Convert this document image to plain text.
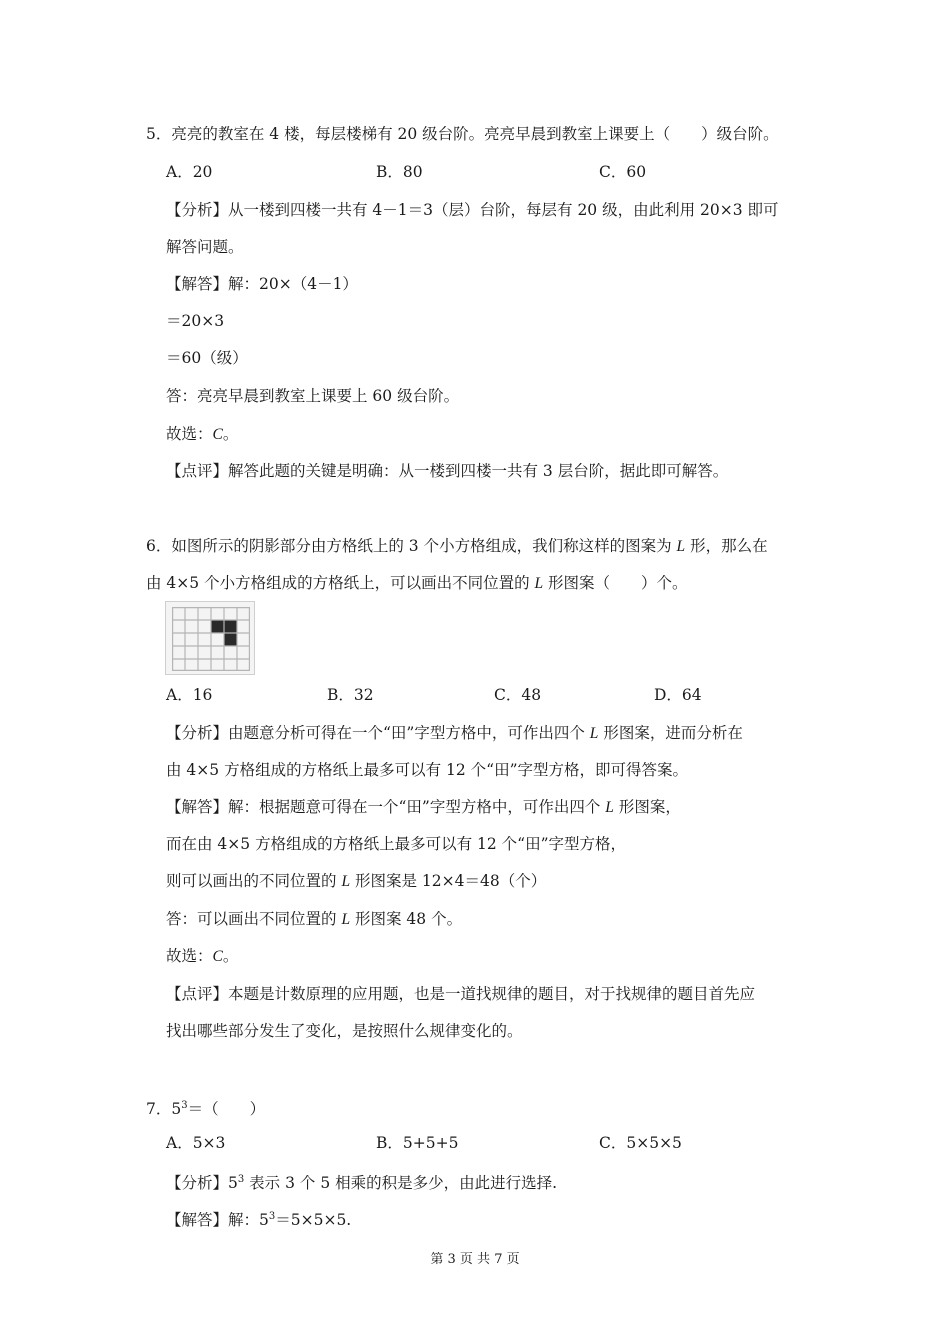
5．亮亮的教室在 4 楼，每层楼梯有 20 级台阶。亮亮早晨到教室上课要上（　　）级台阶。
A．20	B．80	C．60
【分析】从一楼到四楼一共有 4－1＝3（层）台阶，每层有 20 级，由此利用 20×3 即可
解答问题。
【解答】解：20×（4－1）
＝20×3
＝60（级）
答：亮亮早晨到教室上课要上 60 级台阶。
故选：C。
【点评】解答此题的关键是明确：从一楼到四楼一共有 3 层台阶，据此即可解答。
6．如图所示的阴影部分由方格纸上的 3 个小方格组成，我们称这样的图案为 L 形，那么在
由 4×5 个小方格组成的方格纸上，可以画出不同位置的 L 形图案（　　）个。
A．16	B．32	C．48	D．64
【分析】由题意分析可得在一个“田”字型方格中，可作出四个 L 形图案，进而分析在
由 4×5 方格组成的方格纸上最多可以有 12 个“田”字型方格，即可得答案。
【解答】解：根据题意可得在一个“田”字型方格中，可作出四个 L 形图案，
而在由 4×5 方格组成的方格纸上最多可以有 12 个“田”字型方格，
则可以画出的不同位置的 L 形图案是 12×4＝48（个）
答：可以画出不同位置的 L 形图案 48 个。
故选：C。
【点评】本题是计数原理的应用题，也是一道找规律的题目，对于找规律的题目首先应
找出哪些部分发生了变化，是按照什么规律变化的。
7．$5^3=$（　　）
A．5×3	B．5+5+5	C．5×5×5
【分析】$5^3$ 表示 3 个 5 相乘的积是多少，由此进行选择.
【解答】解：$5^3=5\times 5\times 5$.
第 3 页 共 7 页
